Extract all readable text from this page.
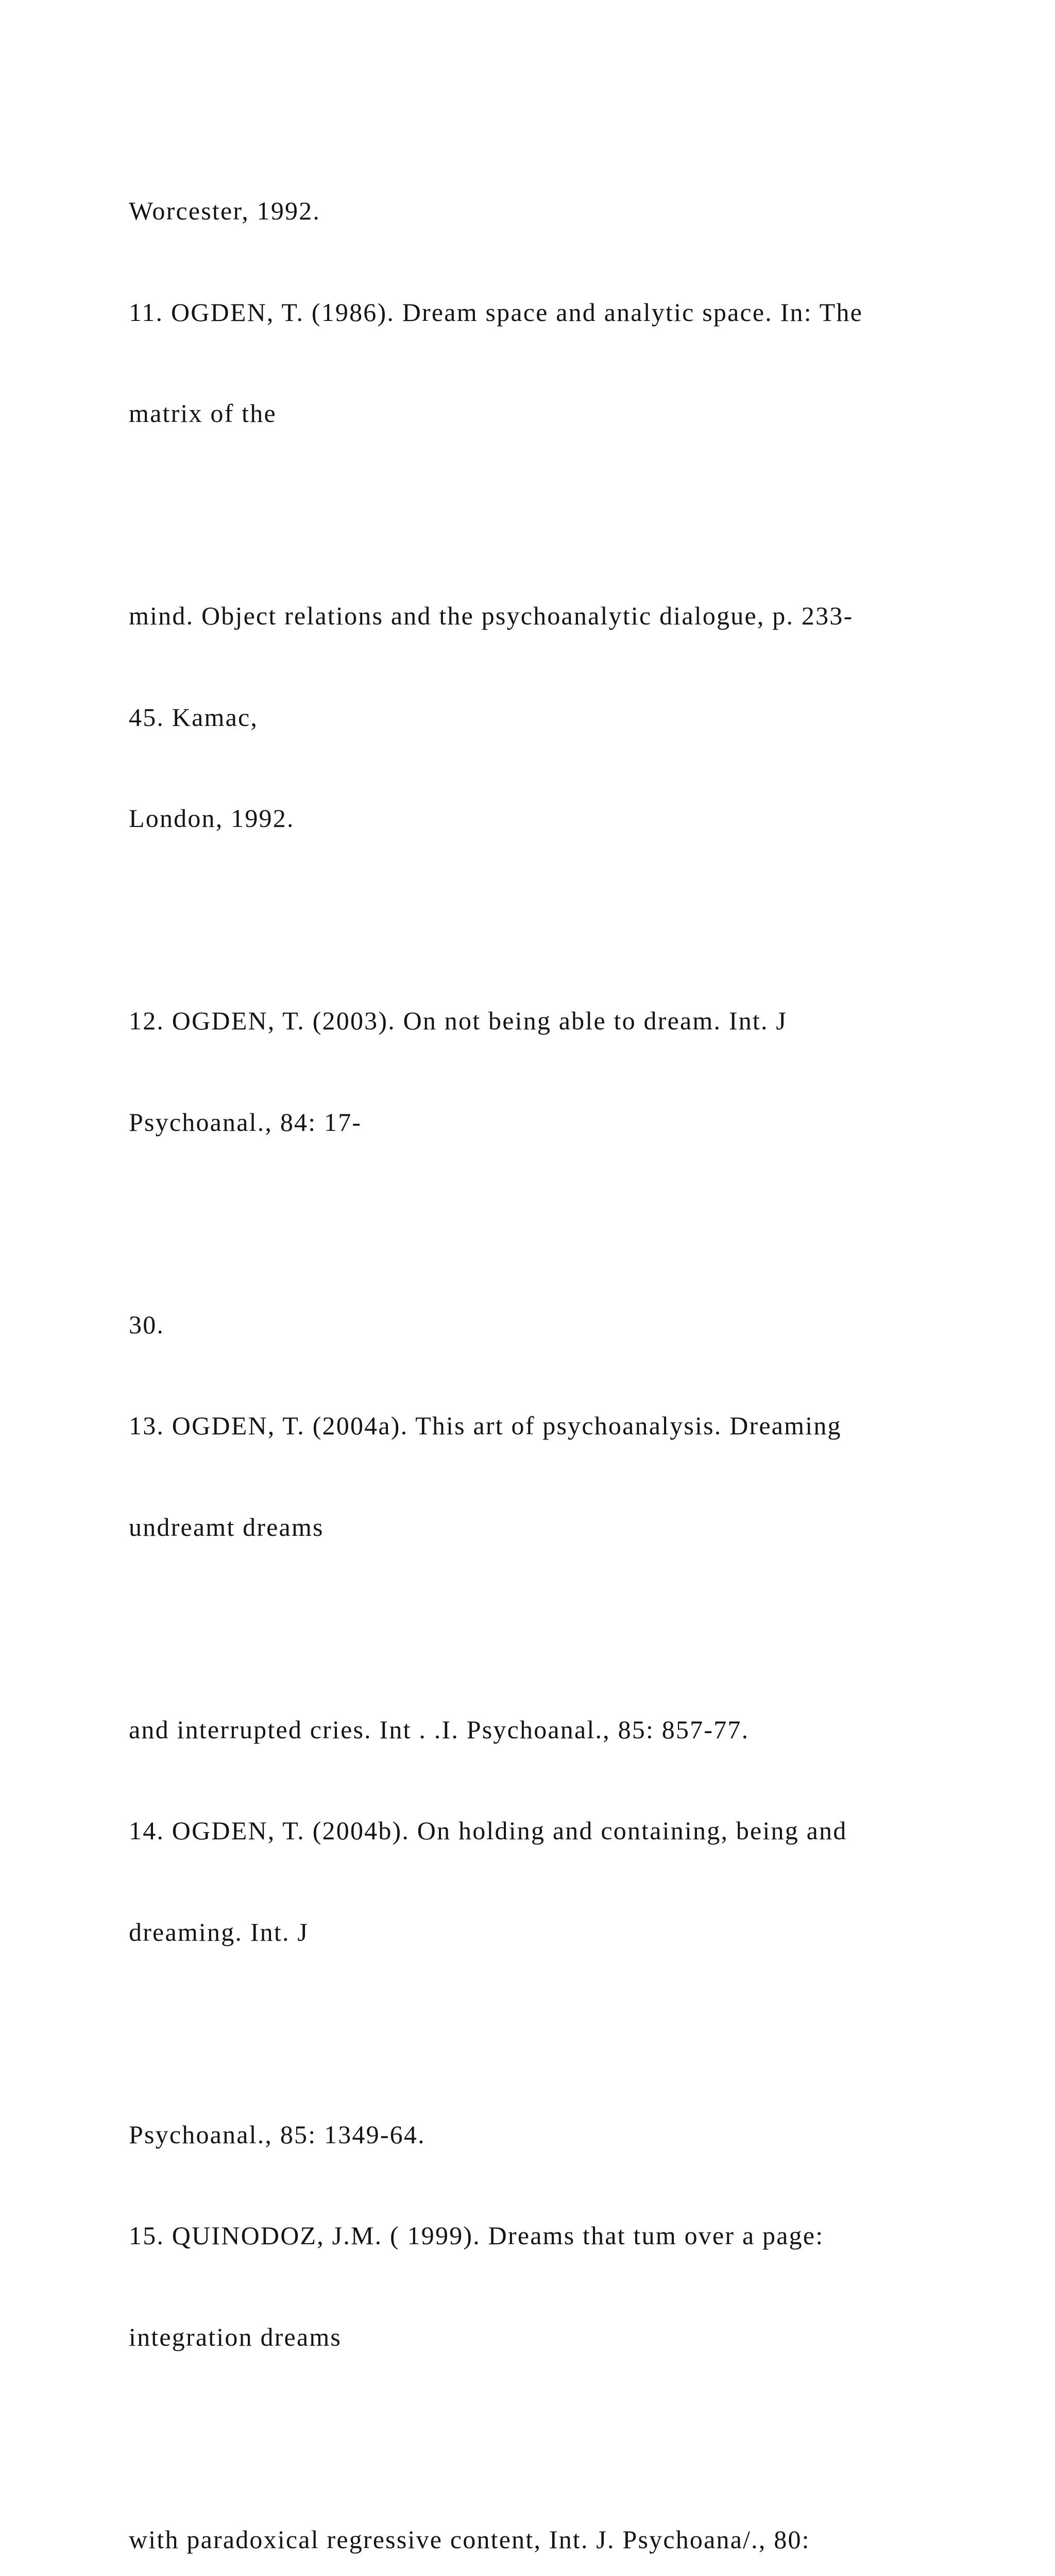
Worcester, 1992.

11. OGDEN, T. (1986). Dream space and analytic space. In: The

matrix of the

mind. Object relations and the psychoanalytic dialogue, p. 233-

45. Kamac,

London, 1992.

12. OGDEN, T. (2003). On not being able to dream. Int. J

Psychoanal., 84: 17-

30.

13. OGDEN, T. (2004a). This art of psychoanalysis. Dreaming

undreamt dreams

and interrupted cries. Int . .I. Psychoanal., 85: 857-77.

14. OGDEN, T. (2004b). On holding and containing, being and

dreaming. Int. J

Psychoanal., 85: 1349-64.

15. QUINODOZ, J.M. ( 1999). Dreams that tum over a page:

integration dreams

with paradoxical regressive content, Int. J. Psychoana/., 80:
